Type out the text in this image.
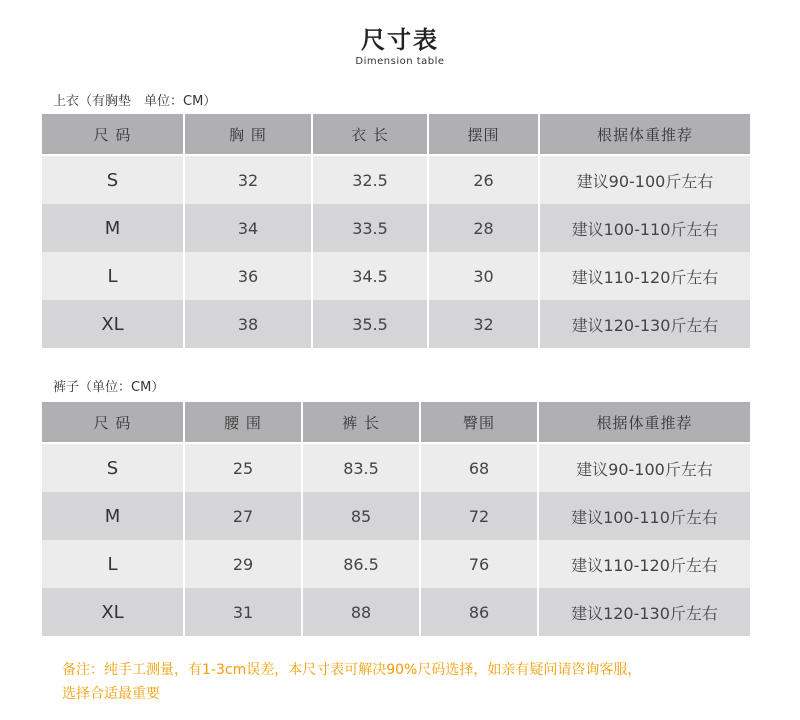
尺寸表
Dimension table
上衣（有胸垫　单位：CM）
尺 码	胸 围	衣 长	摆围	根据体重推荐
S	32	32.5	26	建议90-100斤左右
M	34	33.5	28	建议100-110斤左右
L	36	34.5	30	建议110-120斤左右
XL	38	35.5	32	建议120-130斤左右
裤子（单位：CM）
尺 码	腰 围	裤 长	臀围	根据体重推荐
S	25	83.5	68	建议90-100斤左右
M	27	85	72	建议100-110斤左右
L	29	86.5	76	建议110-120斤左右
XL	31	88	86	建议120-130斤左右
备注：纯手工测量，有1-3cm误差，本尺寸表可解决90%尺码选择，如亲有疑问请咨询客服，
选择合适最重要
